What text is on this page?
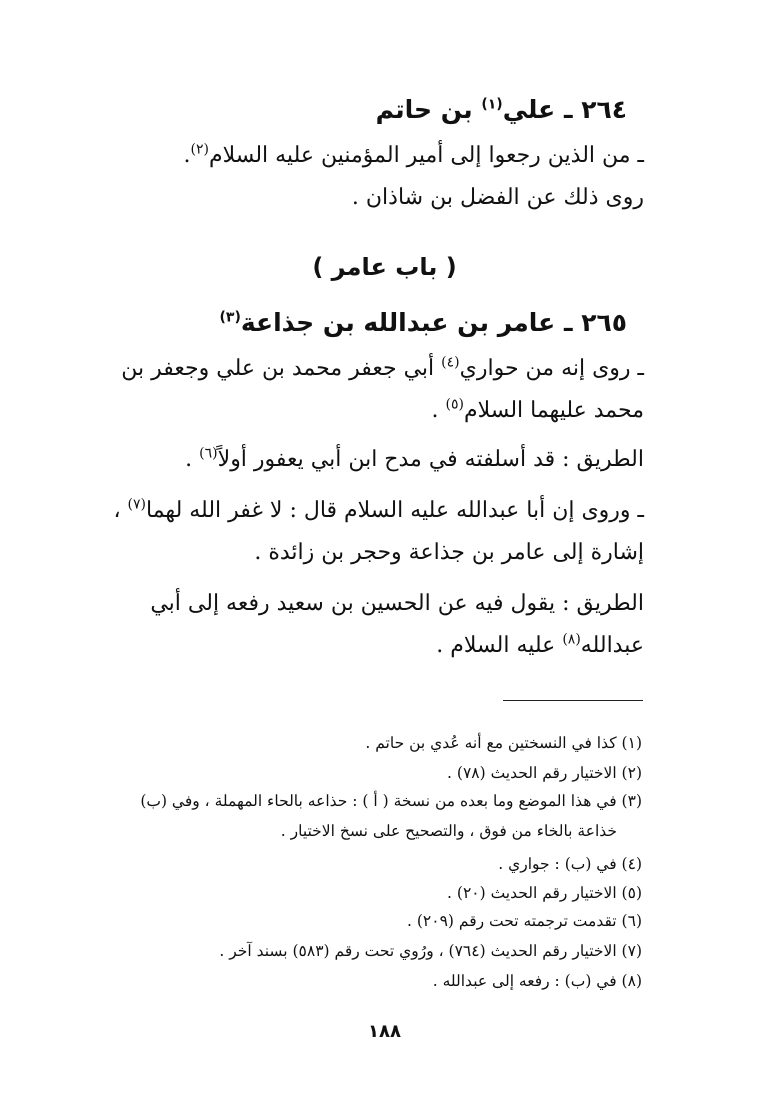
٢٦٤ ـ علي$^{(١)}$ بن حاتم
ـ من الذين رجعوا إلى أمير المؤمنين عليه السلام$^{(٢)}$.
روى ذلك عن الفضل بن شاذان .
( باب عامر )
٢٦٥ ـ عامر بن عبدالله بن جذاعة$^{(٣)}$
ـ روى إنه من حواري$^{(٤)}$ أبي جعفر محمد بن علي وجعفر بن
محمد عليهما السلام$^{(٥)}$ .
الطريق : قد أسلفته في مدح ابن أبي يعفور أولاً$^{(٦)}$ .
ـ وروى إن أبا عبدالله عليه السلام قال : لا غفر الله لهما$^{(٧)}$ ،
إشارة إلى عامر بن جذاعة وحجر بن زائدة .
الطريق : يقول فيه عن الحسين بن سعيد رفعه إلى أبي
عبدالله$^{(٨)}$ عليه السلام .
(١) كذا في النسختين مع أنه عُدي بن حاتم .
(٢) الاختيار رقم الحديث (٧٨) .
(٣) في هذا الموضع وما بعده من نسخة ( أ ) : حذاعه بالحاء المهملة ، وفي (ب)
خذاعة بالخاء من فوق ، والتصحيح على نسخ الاختيار .
(٤) في (ب) : جواري .
(٥) الاختيار رقم الحديث (٢٠) .
(٦) تقدمت ترجمته تحت رقم (٢٠٩) .
(٧) الاختيار رقم الحديث (٧٦٤) ، ورُوي تحت رقم (٥٨٣) بسند آخر .
(٨) في (ب) : رفعه إلى عبدالله .
١٨٨
